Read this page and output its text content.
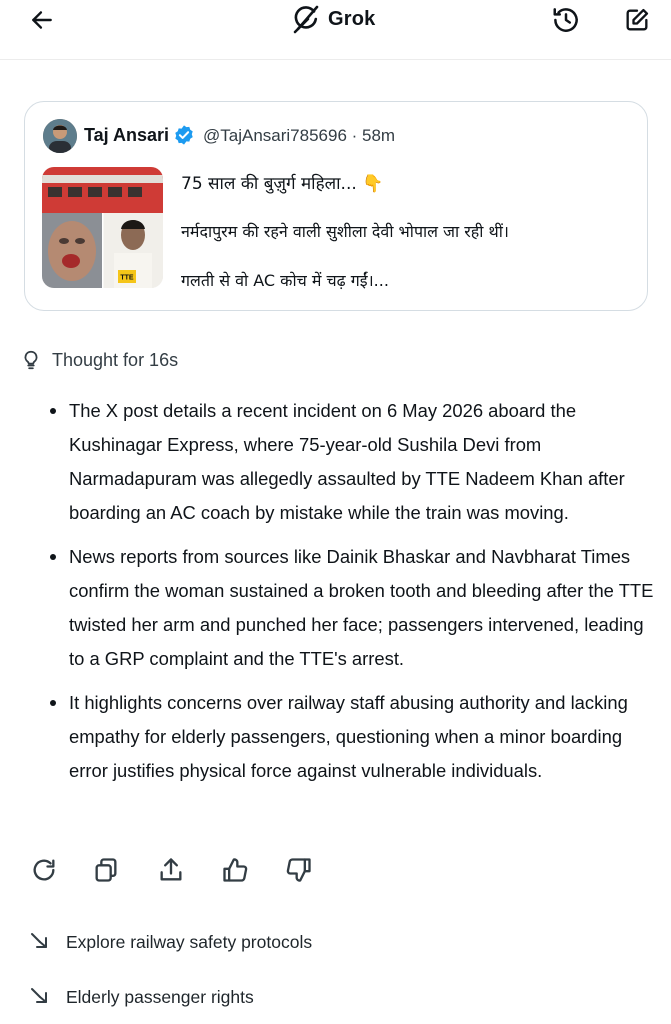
Grok
Taj Ansari @TajAnsari785696 · 58m
TTE
75 साल की बुज़ुर्ग महिला... 👇
नर्मदापुरम की रहने वाली सुशीला देवी भोपाल जा रही थीं।
गलती से वो AC कोच में चढ़ गईं।...
Thought for 16s
The X post details a recent incident on 6 May 2026 aboard the Kushinagar Express, where 75-year-old Sushila Devi from Narmadapuram was allegedly assaulted by TTE Nadeem Khan after boarding an AC coach by mistake while the train was moving.
News reports from sources like Dainik Bhaskar and Navbharat Times confirm the woman sustained a broken tooth and bleeding after the TTE twisted her arm and punched her face; passengers intervened, leading to a GRP complaint and the TTE's arrest.
It highlights concerns over railway staff abusing authority and lacking empathy for elderly passengers, questioning when a minor boarding error justifies physical force against vulnerable individuals.
Explore railway safety protocols
Elderly passenger rights
